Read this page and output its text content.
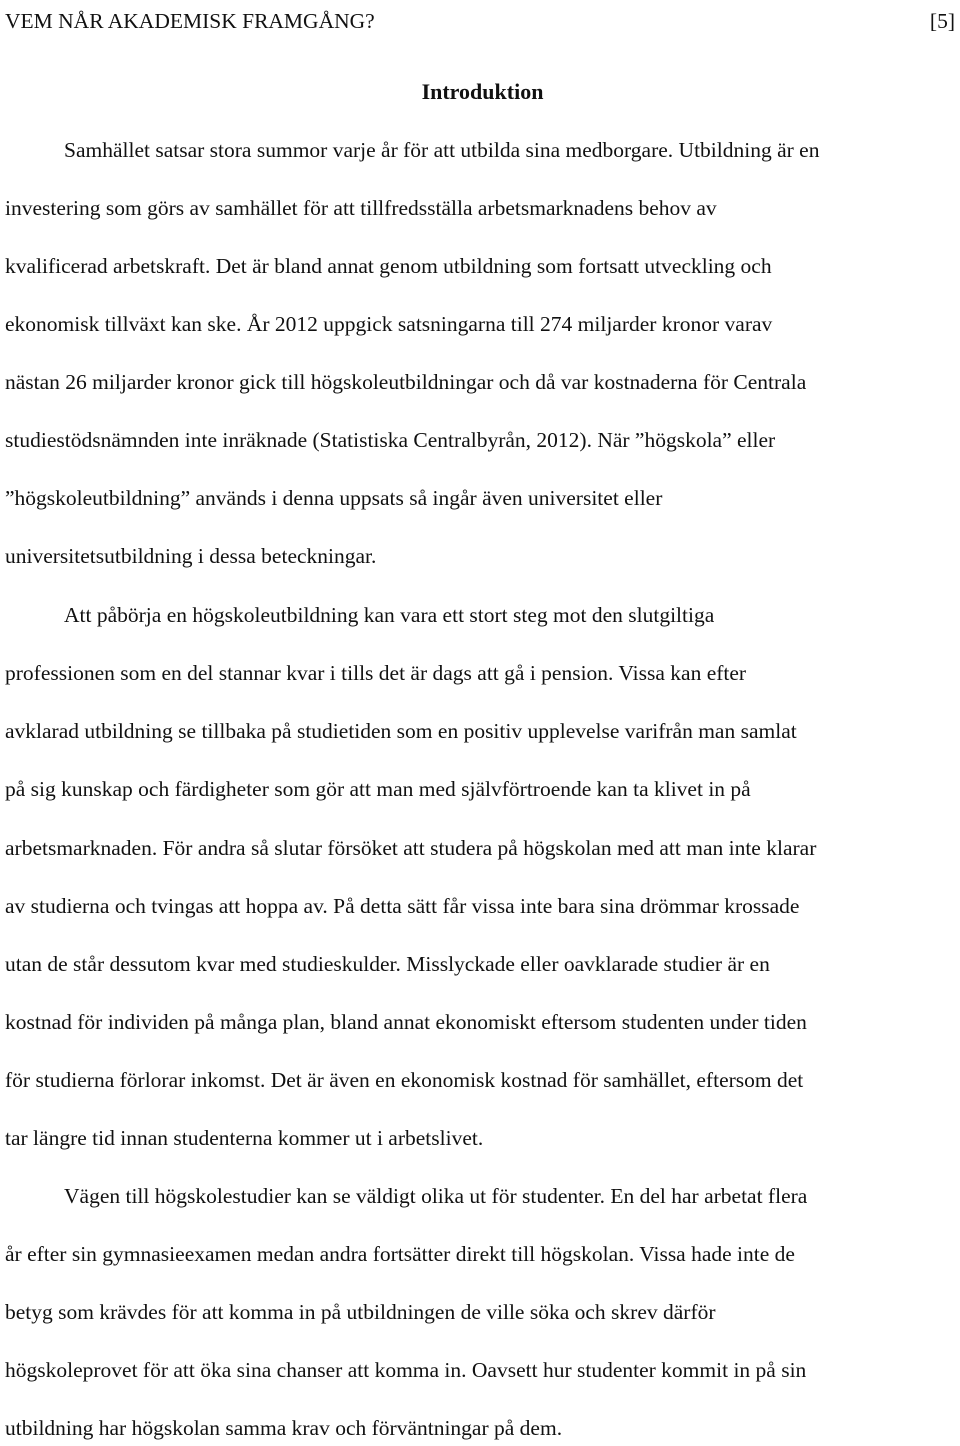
VEM NÅR AKADEMISK FRAMGÅNG?	[5]
Introduktion
Samhället satsar stora summor varje år för att utbilda sina medborgare. Utbildning är en
investering som görs av samhället för att tillfredsställa arbetsmarknadens behov av
kvalificerad arbetskraft. Det är bland annat genom utbildning som fortsatt utveckling och
ekonomisk tillväxt kan ske. År 2012 uppgick satsningarna till 274 miljarder kronor varav
nästan 26 miljarder kronor gick till högskoleutbildningar och då var kostnaderna för Centrala
studiestödsnämnden inte inräknade (Statistiska Centralbyrån, 2012). När ”högskola” eller
”högskoleutbildning” används i denna uppsats så ingår även universitet eller
universitetsutbildning i dessa beteckningar.
Att påbörja en högskoleutbildning kan vara ett stort steg mot den slutgiltiga
professionen som en del stannar kvar i tills det är dags att gå i pension. Vissa kan efter
avklarad utbildning se tillbaka på studietiden som en positiv upplevelse varifrån man samlat
på sig kunskap och färdigheter som gör att man med självförtroende kan ta klivet in på
arbetsmarknaden. För andra så slutar försöket att studera på högskolan med att man inte klarar
av studierna och tvingas att hoppa av. På detta sätt får vissa inte bara sina drömmar krossade
utan de står dessutom kvar med studieskulder. Misslyckade eller oavklarade studier är en
kostnad för individen på många plan, bland annat ekonomiskt eftersom studenten under tiden
för studierna förlorar inkomst. Det är även en ekonomisk kostnad för samhället, eftersom det
tar längre tid innan studenterna kommer ut i arbetslivet.
Vägen till högskolestudier kan se väldigt olika ut för studenter. En del har arbetat flera
år efter sin gymnasieexamen medan andra fortsätter direkt till högskolan. Vissa hade inte de
betyg som krävdes för att komma in på utbildningen de ville söka och skrev därför
högskoleprovet för att öka sina chanser att komma in. Oavsett hur studenter kommit in på sin
utbildning har högskolan samma krav och förväntningar på dem.
